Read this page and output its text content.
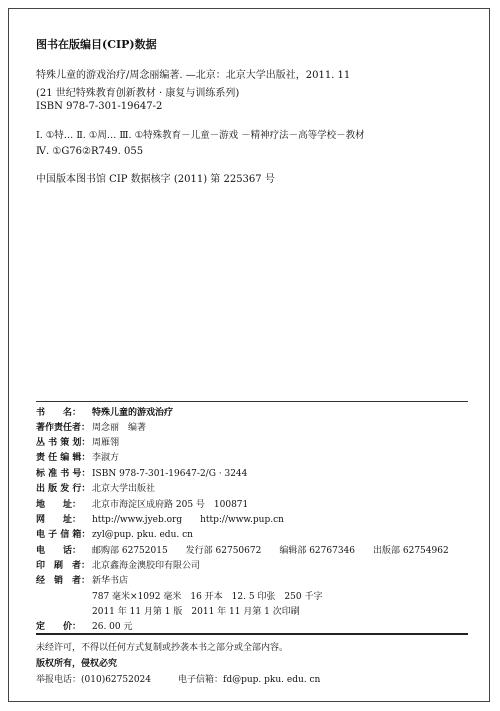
图书在版编目(CIP)数据
特殊儿童的游戏治疗/周念丽编著. —北京：北京大学出版社，2011. 11
(21 世纪特殊教育创新教材 · 康复与训练系列)
ISBN 978-7-301-19647-2
Ⅰ. ①特… Ⅱ. ①周… Ⅲ. ①特殊教育－儿童－游戏 －精神疗法－高等学校－教材
Ⅳ. ①G76②R749. 055
中国版本图书馆 CIP 数据核字 (2011) 第 225367 号
书　　名： 特殊儿童的游戏治疗
著作责任者： 周念丽　编著
丛 书 策 划： 周雁翎
责 任 编 辑： 李淑方
标 准 书 号： ISBN 978-7-301-19647-2/G · 3244
出 版 发 行： 北京大学出版社
地　　址： 北京市海淀区成府路 205 号　100871
网　　址： http://www.jyeb.org http://www.pup.cn
电 子 信 箱： zyl@pup. pku. edu. cn
电　　话： 邮购部 62752015 发行部 62750672 编辑部 62767346 出版部 62754962
印　刷　者： 北京鑫海金澳胶印有限公司
经　销　者： 新华书店
787 毫米×1092 毫米　16 开本　12. 5 印张　250 千字
2011 年 11 月第 1 版　2011 年 11 月第 1 次印刷
定　　价： 26. 00 元
未经许可，不得以任何方式复制或抄袭本书之部分或全部内容。
版权所有，侵权必究
举报电话：(010)62752024	电子信箱：fd@pup. pku. edu. cn
